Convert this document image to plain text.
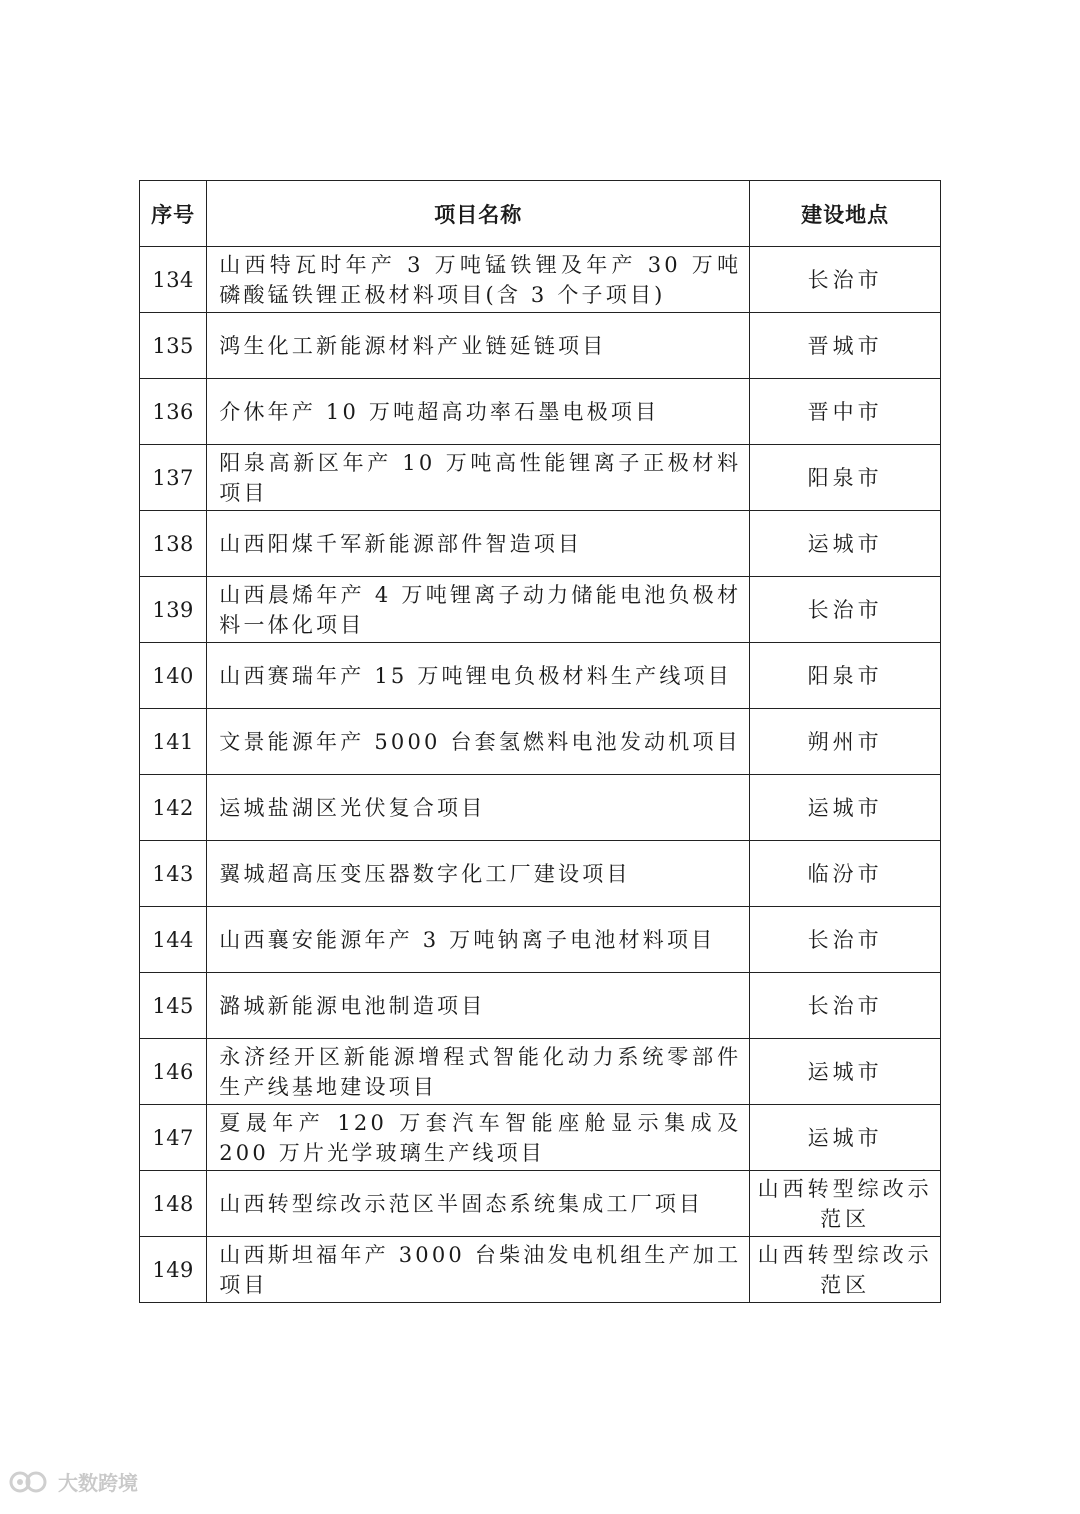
序号	项目名称	建设地点
134	山西特瓦时年产 3 万吨锰铁锂及年产 30 万吨磷酸锰铁锂正极材料项目(含 3 个子项目)	长治市
135	鸿生化工新能源材料产业链延链项目	晋城市
136	介休年产 10 万吨超高功率石墨电极项目	晋中市
137	阳泉高新区年产 10 万吨高性能锂离子正极材料项目	阳泉市
138	山西阳煤千军新能源部件智造项目	运城市
139	山西晨烯年产 4 万吨锂离子动力储能电池负极材料一体化项目	长治市
140	山西赛瑞年产 15 万吨锂电负极材料生产线项目	阳泉市
141	文景能源年产 5000 台套氢燃料电池发动机项目	朔州市
142	运城盐湖区光伏复合项目	运城市
143	翼城超高压变压器数字化工厂建设项目	临汾市
144	山西襄安能源年产 3 万吨钠离子电池材料项目	长治市
145	潞城新能源电池制造项目	长治市
146	永济经开区新能源增程式智能化动力系统零部件生产线基地建设项目	运城市
147	夏晟年产 120 万套汽车智能座舱显示集成及 200 万片光学玻璃生产线项目	运城市
148	山西转型综改示范区半固态系统集成工厂项目	山西转型综改示范区
149	山西斯坦福年产 3000 台柴油发电机组生产加工项目	山西转型综改示范区
大数跨境
